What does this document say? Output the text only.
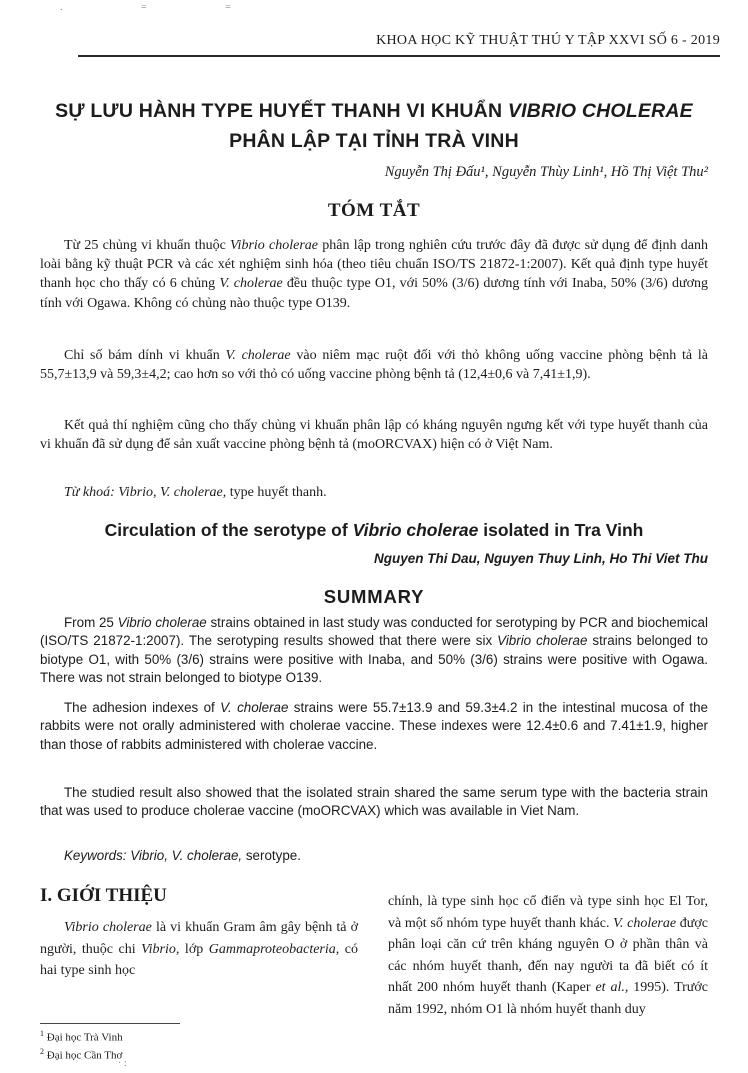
. = =
KHOA HỌC KỸ THUẬT THÚ Y TẬP XXVI SỐ 6 - 2019
SỰ LƯU HÀNH TYPE HUYẾT THANH VI KHUẨN VIBRIO CHOLERAE
PHÂN LẬP TẠI TỈNH TRÀ VINH
Nguyễn Thị Đấu¹, Nguyễn Thùy Linh¹, Hồ Thị Việt Thu²
TÓM TẮT

Từ 25 chủng vi khuẩn thuộc Vibrio cholerae phân lập trong nghiên cứu trước đây đã được sử dụng để định danh loài bằng kỹ thuật PCR và các xét nghiệm sinh hóa (theo tiêu chuẩn ISO/TS 21872-1:2007). Kết quả định type huyết thanh học cho thấy có 6 chủng V. cholerae đều thuộc type O1, với 50% (3/6) dương tính với Inaba, 50% (3/6) dương tính với Ogawa. Không có chủng nào thuộc type O139.

Chỉ số bám dính vi khuẩn V. cholerae vào niêm mạc ruột đối với thỏ không uống vaccine phòng bệnh tả là 55,7±13,9 và 59,3±4,2; cao hơn so với thỏ có uống vaccine phòng bệnh tả (12,4±0,6 và 7,41±1,9).

Kết quả thí nghiệm cũng cho thấy chủng vi khuẩn phân lập có kháng nguyên ngưng kết với type huyết thanh của vi khuẩn đã sử dụng để sản xuất vaccine phòng bệnh tả (moORCVAX) hiện có ở Việt Nam.

Từ khoá: Vibrio, V. cholerae, type huyết thanh.
Circulation of the serotype of Vibrio cholerae isolated in Tra Vinh
Nguyen Thi Dau, Nguyen Thuy Linh, Ho Thi Viet Thu
SUMMARY

From 25 Vibrio cholerae strains obtained in last study was conducted for serotyping by PCR and biochemical (ISO/TS 21872-1:2007). The serotyping results showed that there were six Vibrio cholerae strains belonged to biotype O1, with 50% (3/6) strains were positive with Inaba, and 50% (3/6) strains were positive with Ogawa. There was not strain belonged to biotype O139.

The adhesion indexes of V. cholerae strains were 55.7±13.9 and 59.3±4.2 in the intestinal mucosa of the rabbits were not orally administered with cholerae vaccine. These indexes were 12.4±0.6 and 7.41±1.9, higher than those of rabbits administered with cholerae vaccine.

The studied result also showed that the isolated strain shared the same serum type with the bacteria strain that was used to produce cholerae vaccine (moORCVAX) which was available in Viet Nam.

Keywords: Vibrio, V. cholerae, serotype.
I. GIỚI THIỆU

Vibrio cholerae là vi khuẩn Gram âm gây bệnh tả ở người, thuộc chi Vibrio, lớp Gammaproteobacteria, có hai type sinh học

chính, là type sinh học cổ điển và type sinh học El Tor, và một số nhóm type huyết thanh khác. V. cholerae được phân loại căn cứ trên kháng nguyên O ở phần thân và các nhóm huyết thanh, đến nay người ta đã biết có ít nhất 200 nhóm huyết thanh (Kaper et al., 1995). Trước năm 1992, nhóm O1 là nhóm huyết thanh duy

$^1$ Đại học Trà Vinh
$^2$ Đại học Cần Thơ
· :
